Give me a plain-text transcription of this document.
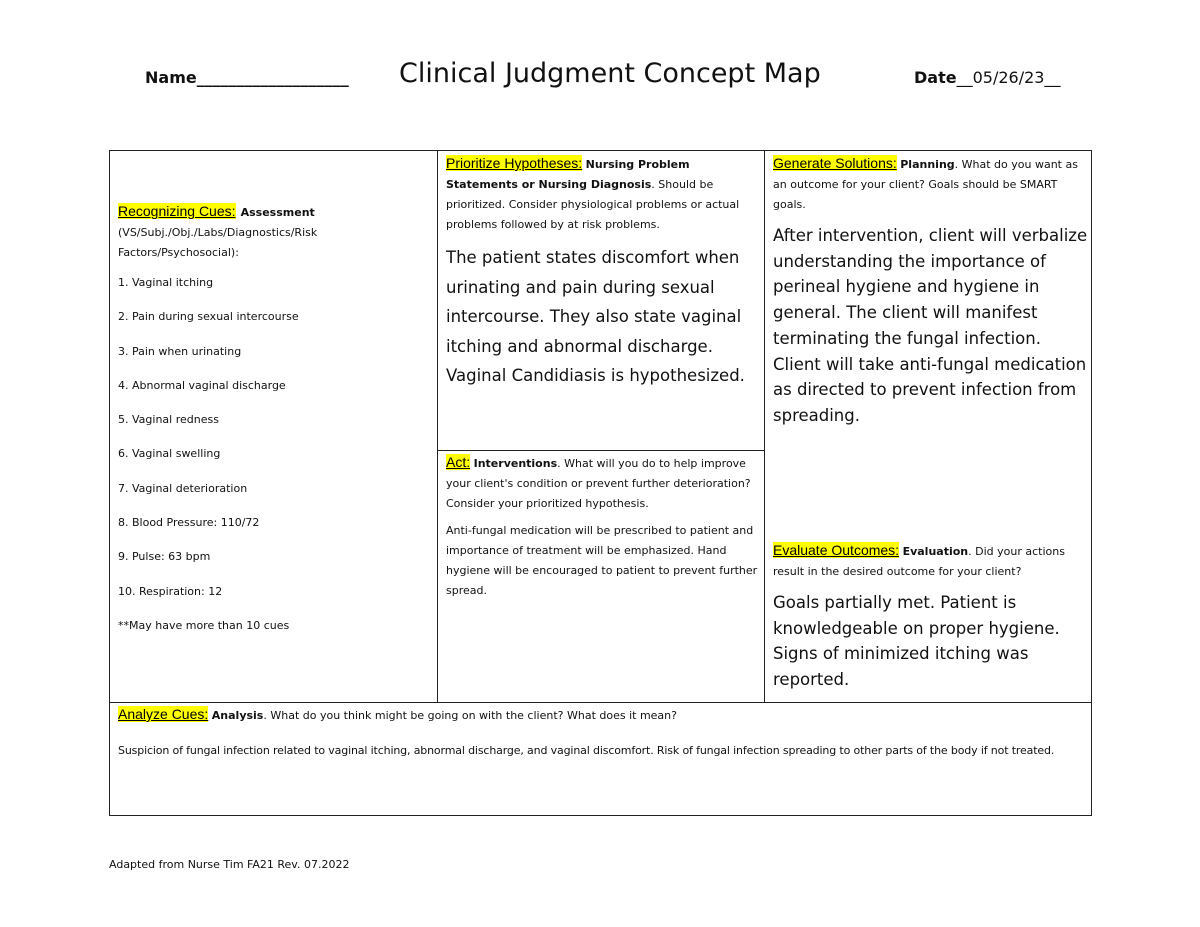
Name___________________ Clinical Judgment Concept Map	Date__05/26/23__
Recognizing Cues: Assessment
(VS/Subj./Obj./Labs/Diagnostics/Risk Factors/Psychosocial):
1. Vaginal itching
2. Pain during sexual intercourse
3. Pain when urinating
4. Abnormal vaginal discharge
5. Vaginal redness
6. Vaginal swelling
7. Vaginal deterioration
8. Blood Pressure: 110/72
9. Pulse: 63 bpm
10. Respiration: 12
**May have more than 10 cues
Prioritize Hypotheses: Nursing Problem Statements or Nursing Diagnosis. Should be prioritized. Consider physiological problems or actual problems followed by at risk problems.
The patient states discomfort when urinating and pain during sexual intercourse. They also state vaginal itching and abnormal discharge. Vaginal Candidiasis is hypothesized.
Generate Solutions: Planning. What do you want as an outcome for your client? Goals should be SMART goals.
After intervention, client will verbalize understanding the importance of perineal hygiene and hygiene in general. The client will manifest terminating the fungal infection. Client will take anti-fungal medication as directed to prevent infection from spreading.
Act: Interventions. What will you do to help improve your client's condition or prevent further deterioration? Consider your prioritized hypothesis.
Anti-fungal medication will be prescribed to patient and importance of treatment will be emphasized. Hand hygiene will be encouraged to patient to prevent further spread.
Evaluate Outcomes: Evaluation. Did your actions result in the desired outcome for your client?
Goals partially met. Patient is knowledgeable on proper hygiene. Signs of minimized itching was reported.
Analyze Cues: Analysis. What do you think might be going on with the client? What does it mean?
Suspicion of fungal infection related to vaginal itching, abnormal discharge, and vaginal discomfort. Risk of fungal infection spreading to other parts of the body if not treated.
Adapted from Nurse Tim FA21 Rev. 07.2022
